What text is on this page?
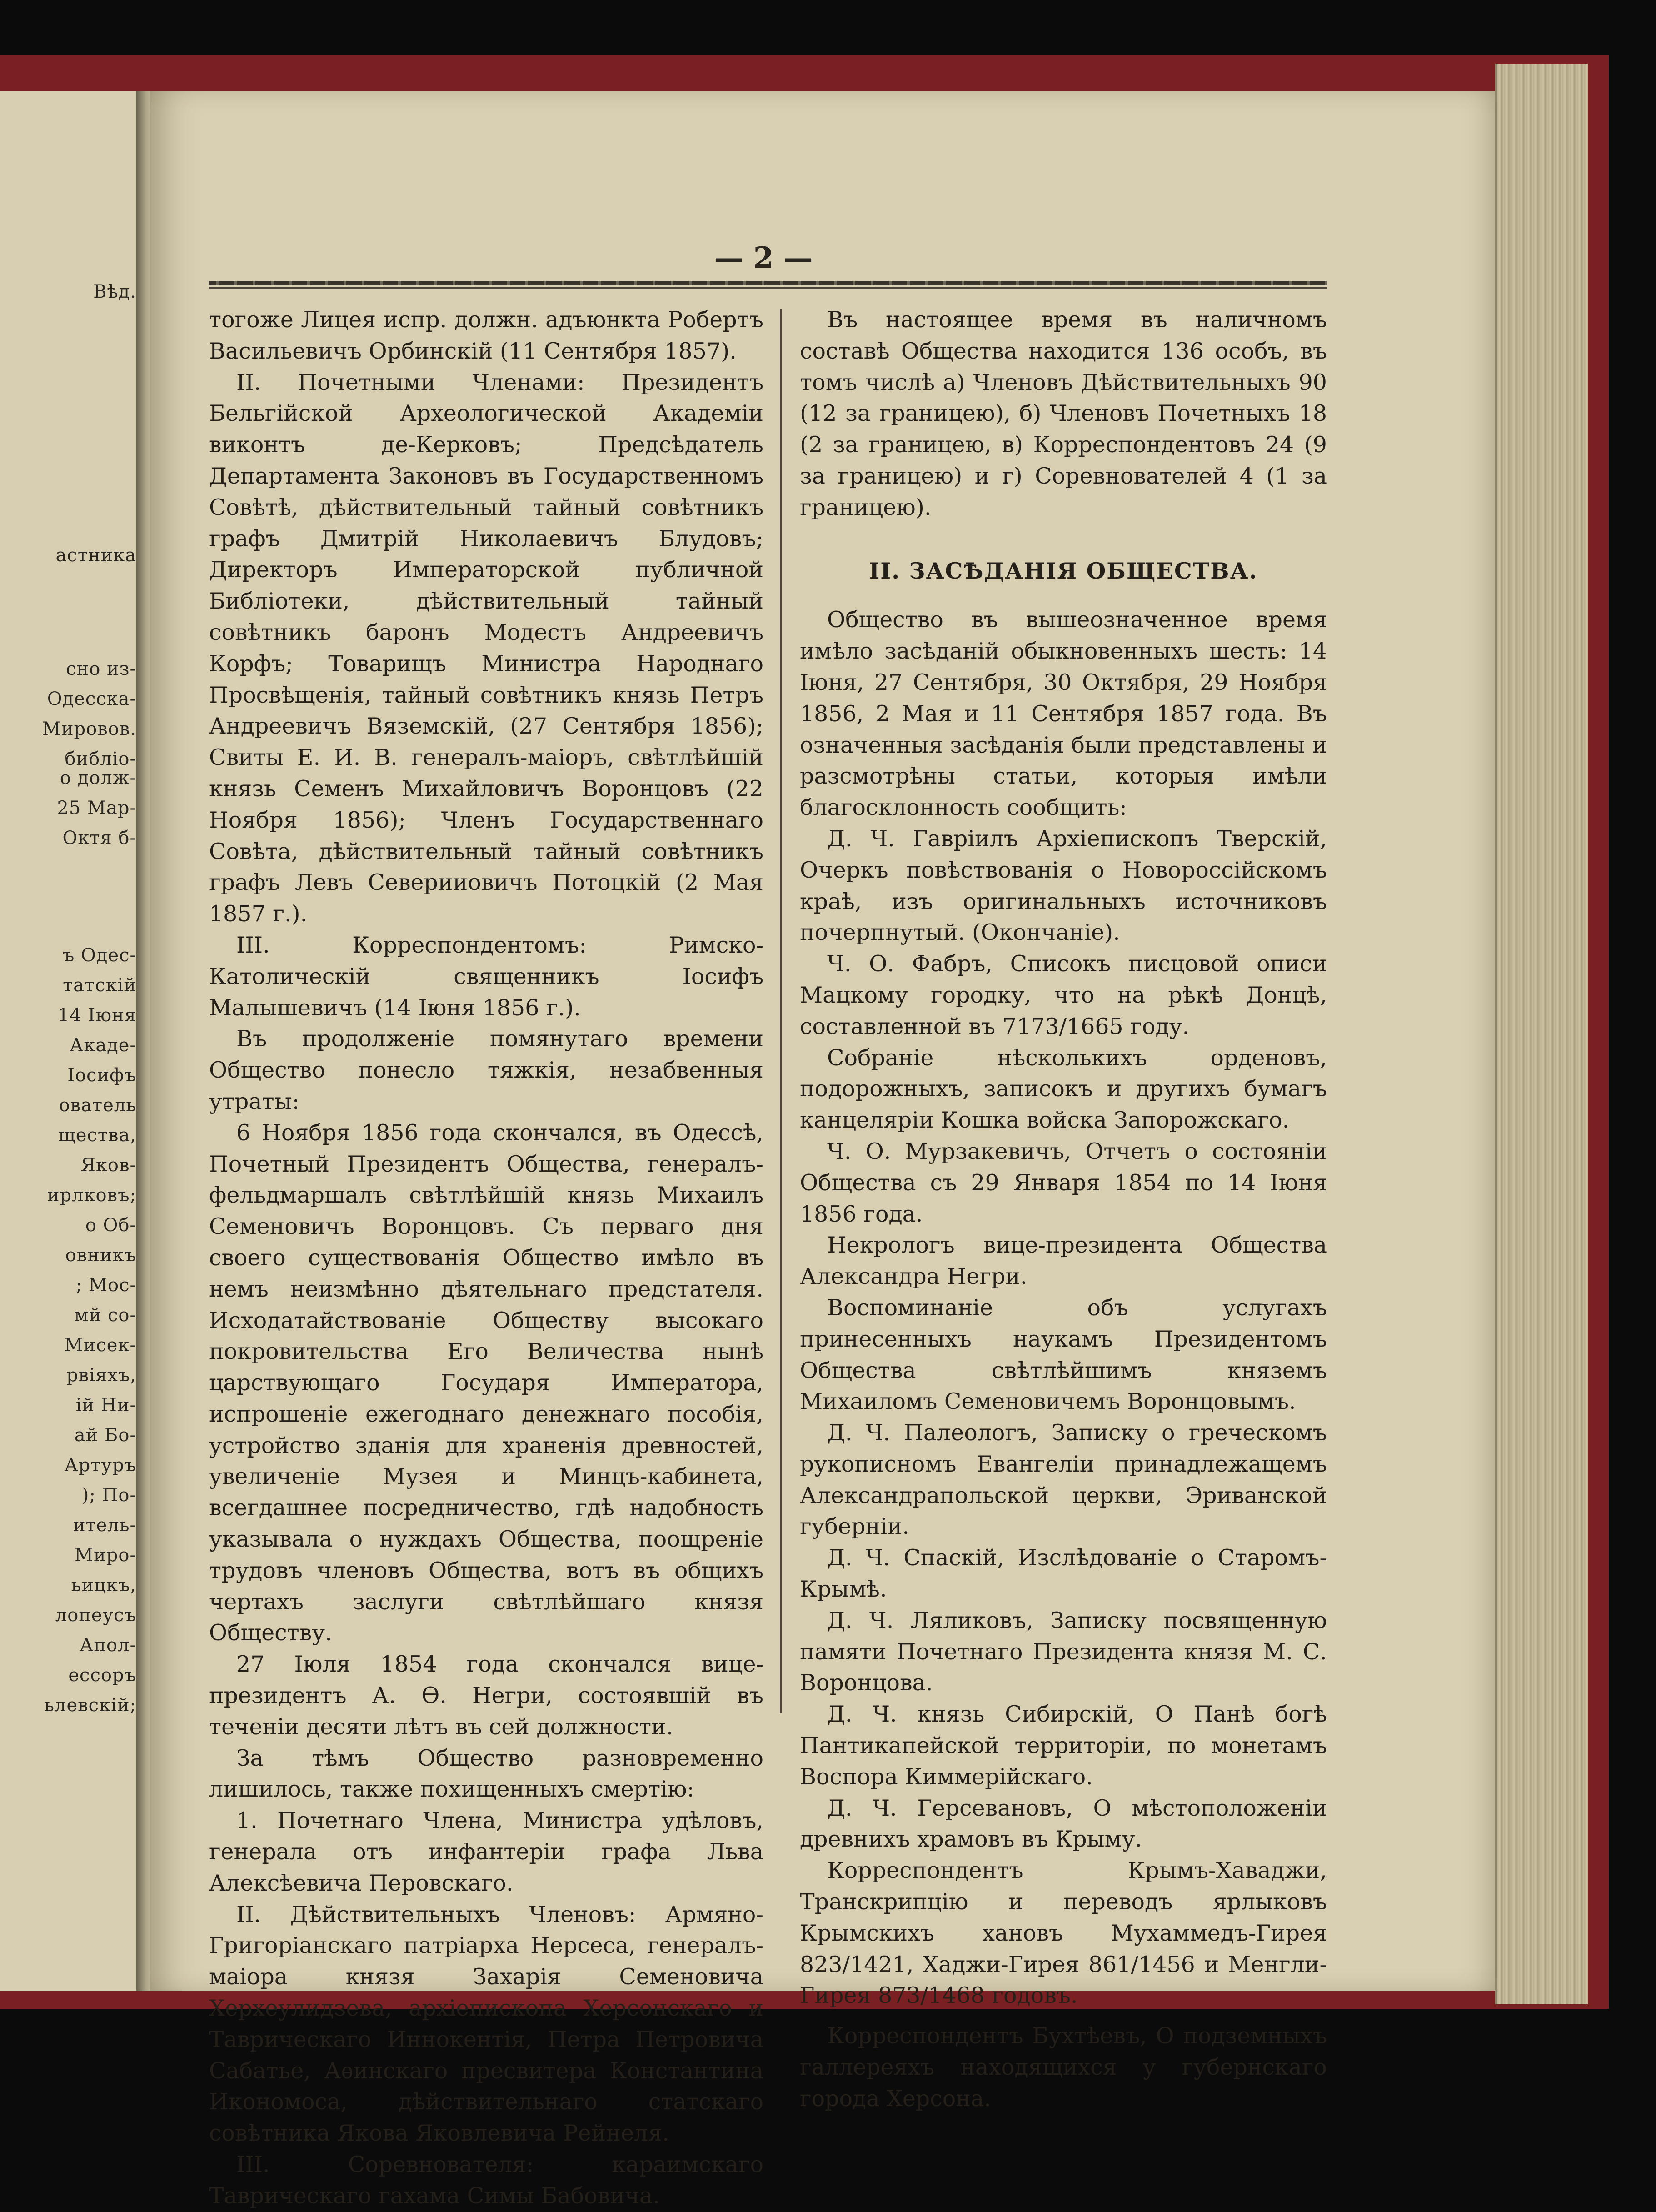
Вѣд.
астника
сно из-
Одесска-
Мировов.
библіо-
о долж-
25 Мар-
Октя б-
ъ Одес-
татскій
14 Іюня
Акаде-
Іосифъ
ователь
щества,
Яков-
ирлковъ;
о Об-
овникъ
; Мос-
мй со-
Мисек-
рвіяхъ,
ій Ни-
ай Бо-
Артуръ
); По-
итель-
Миро-
ьицкъ,
лопеусъ
Апол-
ессоръ
ьлевскій;
— 2 —

тогоже Лицея испр. должн. адъюнкта Робертъ Васильевичъ Орбинскій (11 Сентября 1857).

II. Почетными Членами: Президентъ Бельгійской Археологической Академіи виконтъ де-Керковъ; Предсѣдатель Департамента Законовъ въ Государственномъ Совѣтѣ, дѣйствительный тайный совѣтникъ графъ Дмитрій Николаевичъ Блудовъ; Директоръ Императорской публичной Библіотеки, дѣйствительный тайный совѣтникъ баронъ Модестъ Андреевичъ Корфъ; Товарищъ Министра Народнаго Просвѣщенія, тайный совѣтникъ князь Петръ Андреевичъ Вяземскій, (27 Сентября 1856); Свиты Е. И. В. генералъ-маіоръ, свѣтлѣйшій князь Семенъ Михайловичъ Воронцовъ (22 Ноября 1856); Членъ Государственнаго Совѣта, дѣйствительный тайный совѣтникъ графъ Левъ Северииовичъ Потоцкій (2 Мая 1857 г.).

III. Корреспондентомъ: Римско-Католическій священникъ Іосифъ Малышевичъ (14 Іюня 1856 г.).

Въ продолженіе помянутаго времени Общество понесло тяжкія, незабвенныя утраты:

6 Ноября 1856 года скончался, въ Одессѣ, Почетный Президентъ Общества, генералъ-фельдмаршалъ свѣтлѣйшій князь Михаилъ Семеновичъ Воронцовъ. Съ перваго дня своего существованія Общество имѣло въ немъ неизмѣнно дѣятельнаго предстателя. Исходатайствованіе Обществу высокаго покровительства Его Величества нынѣ царствующаго Государя Императора, испрошеніе ежегоднаго денежнаго пособія, устройство зданія для храненія древностей, увеличеніе Музея и Минцъ-кабинета, всегдашнее посредничество, гдѣ надобность указывала о нуждахъ Общества, поощреніе трудовъ членовъ Общества, вотъ въ общихъ чертахъ заслуги свѣтлѣйшаго князя Обществу.

27 Іюля 1854 года скончался вице-президентъ А. Ѳ. Негри, состоявшій въ теченіи десяти лѣтъ въ сей должности.

За тѣмъ Общество разновременно лишилось, также похищенныхъ смертію:

1. Почетнаго Члена, Министра удѣловъ, генерала отъ инфантеріи графа Льва Алексѣевича Перовскаго.

II. Дѣйствительныхъ Членовъ: Армяно-Григоріанскаго патріарха Нерсеса, генералъ-маіора князя Захарія Семеновича Херхеулидзева, архіепископа Херсонскаго и Таврическаго Иннокентія, Петра Петровича Сабатье, Аѳинскаго пресвитера Константина Икономоса, дѣйствительнаго статскаго совѣтника Якова Яковлевича Рейнеля.

III. Соревнователя: караимскаго Таврическаго гахама Симы Бабовича.

Въ настоящее время въ наличномъ составѣ Общества находится 136 особъ, въ томъ числѣ а) Членовъ Дѣйствительныхъ 90 (12 за границею), б) Членовъ Почетныхъ 18 (2 за границею, в) Корреспондентовъ 24 (9 за границею) и г) Соревнователей 4 (1 за границею).

II. ЗАСѢДАНІЯ ОБЩЕСТВА.

Общество въ вышеозначенное время имѣло засѣданій обыкновенныхъ шесть: 14 Іюня, 27 Сентября, 30 Октября, 29 Ноября 1856, 2 Мая и 11 Сентября 1857 года. Въ означенныя засѣданія были представлены и разсмотрѣны статьи, которыя имѣли благосклонность сообщить:

Д. Ч. Гавріилъ Архіепископъ Тверскій, Очеркъ повѣствованія о Новороссійскомъ краѣ, изъ оригинальныхъ источниковъ почерпнутый. (Окончаніе).

Ч. О. Фабръ, Списокъ писцовой описи Мацкому городку, что на рѣкѣ Донцѣ, составленной въ 7173/1665 году.

Собраніе нѣсколькихъ орденовъ, подорожныхъ, записокъ и другихъ бумагъ канцеляріи Кошка войска Запорожскаго.

Ч. О. Мурзакевичъ, Отчетъ о состояніи Общества съ 29 Января 1854 по 14 Іюня 1856 года.

Некрологъ вице-президента Общества Александра Негри.

Воспоминаніе объ услугахъ принесенныхъ наукамъ Президентомъ Общества свѣтлѣйшимъ княземъ Михаиломъ Семеновичемъ Воронцовымъ.

Д. Ч. Палеологъ, Записку о греческомъ рукописномъ Евангеліи принадлежащемъ Александрапольской церкви, Эриванской губерніи.

Д. Ч. Спаскій, Изслѣдованіе о Старомъ-Крымѣ.

Д. Ч. Ляликовъ, Записку посвященную памяти Почетнаго Президента князя М. С. Воронцова.

Д. Ч. князь Сибирскій, О Панѣ богѣ Пантикапейской территоріи, по монетамъ Воспора Киммерійскаго.

Д. Ч. Герсевановъ, О мѣстоположеніи древнихъ храмовъ въ Крыму.

Корреспондентъ Крымъ-Хаваджи, Транскрипцію и переводъ ярлыковъ Крымскихъ хановъ Мухаммедъ-Гирея 823/1421, Хаджи-Гирея 861/1456 и Менгли-Гирея 873/1468 годовъ.

Корреспондентъ Бухтѣевъ, О подземныхъ галлереяхъ находящихся у губернскаго города Херсона.
